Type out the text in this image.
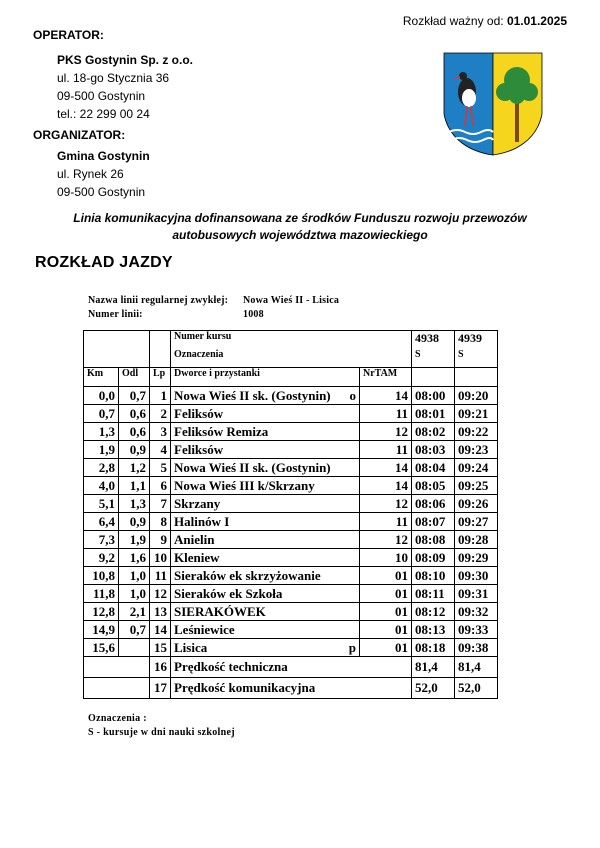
Rozkład ważny od: 01.01.2025
OPERATOR:
PKS Gostynin Sp. z o.o.
ul. 18-go Stycznia 36
09-500 Gostynin
tel.: 22 299 00 24
ORGANIZATOR:
Gmina Gostynin
ul. Rynek 26
09-500 Gostynin
Linia komunikacyjna dofinansowana ze środków Funduszu rozwoju przewozów
autobusowych województwa mazowieckiego
ROZKŁAD JAZDY
Nazwa linii regularnej zwykłej: Nowa Wieś II - Lisica
Numer linii:	1008
			Numer kursu		4938	4939
			Oznaczenia		S	S
Km	Odl	Lp	Dworce i przystanki	NrTAM		
0,0	0,7	1	Nowa Wieś II sk. (Gostynin) o	14	08:00	09:20
0,7	0,6	2	Feliksów	11	08:01	09:21
1,3	0,6	3	Feliksów Remiza	12	08:02	09:22
1,9	0,9	4	Feliksów	11	08:03	09:23
2,8	1,2	5	Nowa Wieś II sk. (Gostynin)	14	08:04	09:24
4,0	1,1	6	Nowa Wieś III k/Skrzany	14	08:05	09:25
5,1	1,3	7	Skrzany	12	08:06	09:26
6,4	0,9	8	Halinów I	11	08:07	09:27
7,3	1,9	9	Anielin	12	08:08	09:28
9,2	1,6	10	Kleniew	10	08:09	09:29
10,8	1,0	11	Sieraków ek skrzyżowanie	01	08:10	09:30
11,8	1,0	12	Sieraków ek Szkoła	01	08:11	09:31
12,8	2,1	13	SIERAKÓWEK	01	08:12	09:32
14,9	0,7	14	Leśniewice	01	08:13	09:33
15,6		15	Lisica p	01	08:18	09:38
		16	Prędkość techniczna		81,4	81,4
		17	Prędkość komunikacyjna		52,0	52,0
Oznaczenia :
S - kursuje w dni nauki szkolnej
